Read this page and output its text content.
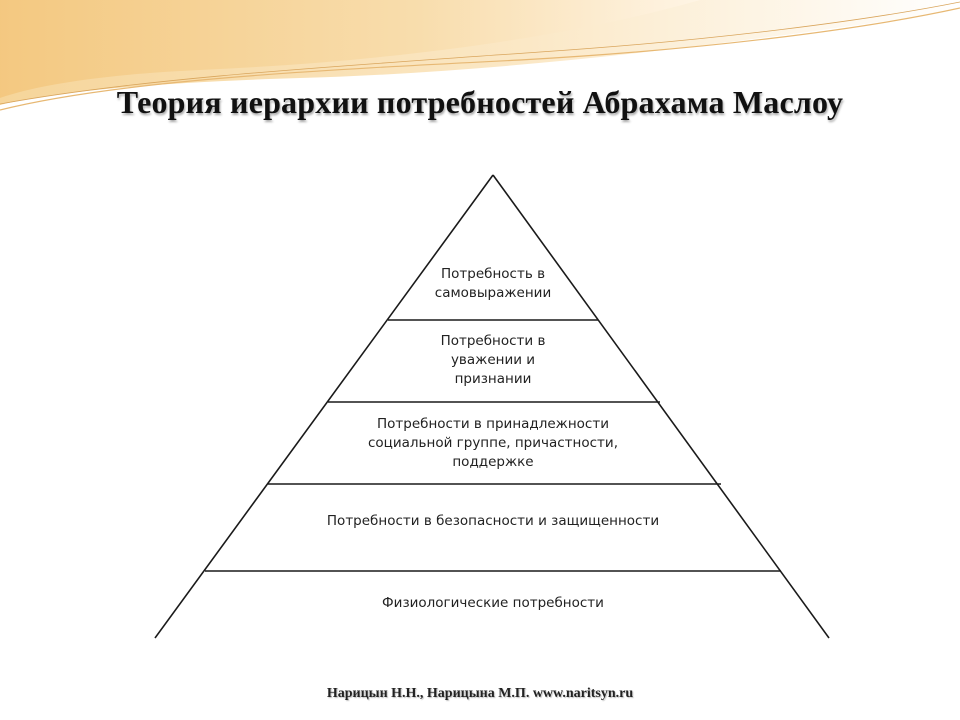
Теория иерархии потребностей Абрахама Маслоу
Потребность в
самовыражении
Потребности в
уважении и
признании
Потребности в принадлежности
социальной группе, причастности,
поддержке
Потребности в безопасности и защищенности
Физиологические потребности
Нарицын Н.Н., Нарицына М.П. www.naritsyn.ru
